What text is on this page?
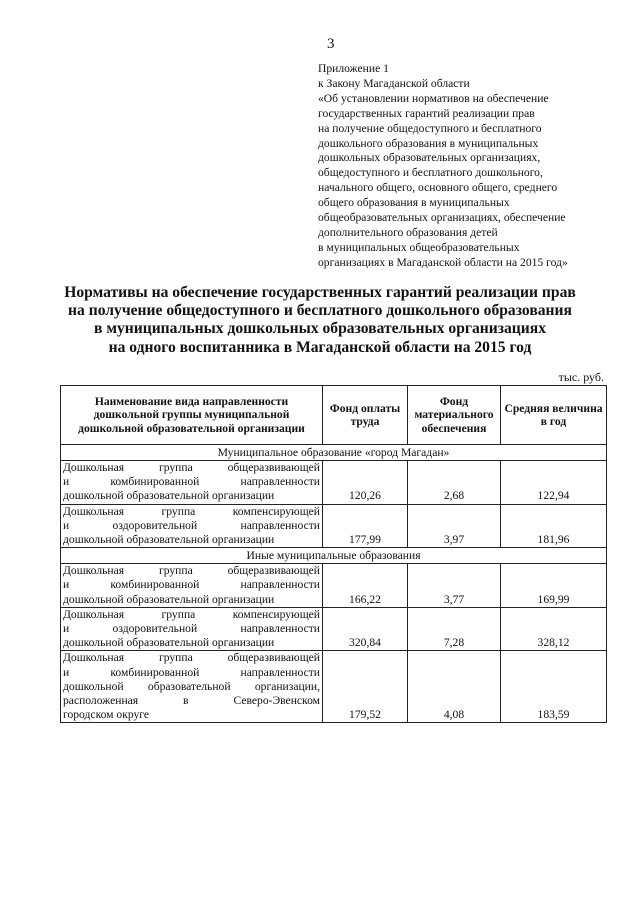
3
Приложение 1
к Закону Магаданской области
«Об установлении нормативов на обеспечение
государственных гарантий реализации прав
на получение общедоступного и бесплатного
дошкольного образования в муниципальных
дошкольных образовательных организациях,
общедоступного и бесплатного дошкольного,
начального общего, основного общего, среднего
общего образования в муниципальных
общеобразовательных организациях, обеспечение
дополнительного образования детей
в муниципальных общеобразовательных
организациях в Магаданской области на 2015 год»
Нормативы на обеспечение государственных гарантий реализации прав
на получение общедоступного и бесплатного дошкольного образования
в муниципальных дошкольных образовательных организациях
на одного воспитанника в Магаданской области на 2015 год
тыс. руб.
Наименование вида направленности дошкольной группы муниципальной дошкольной образовательной организации	Фонд оплаты труда	Фонд материального обеспечения	Средняя величина в год
Муниципальное образование «город Магадан»			

Дошкольная группа общеразвивающей
и комбинированной направленности
дошкольной образовательной организации	120,26	2,68	122,94

Дошкольная группа компенсирующей
и оздоровительной направленности
дошкольной образовательной организации	177,99	3,97	181,96
Иные муниципальные образования			

Дошкольная группа общеразвивающей
и комбинированной направленности
дошкольной образовательной организации	166,22	3,77	169,99

Дошкольная группа компенсирующей
и оздоровительной направленности
дошкольной образовательной организации	320,84	7,28	328,12

Дошкольная группа общеразвивающей
и комбинированной направленности
дошкольной образовательной организации,
расположенная в Северо-Эвенском
городском округе	179,52	4,08	183,59
